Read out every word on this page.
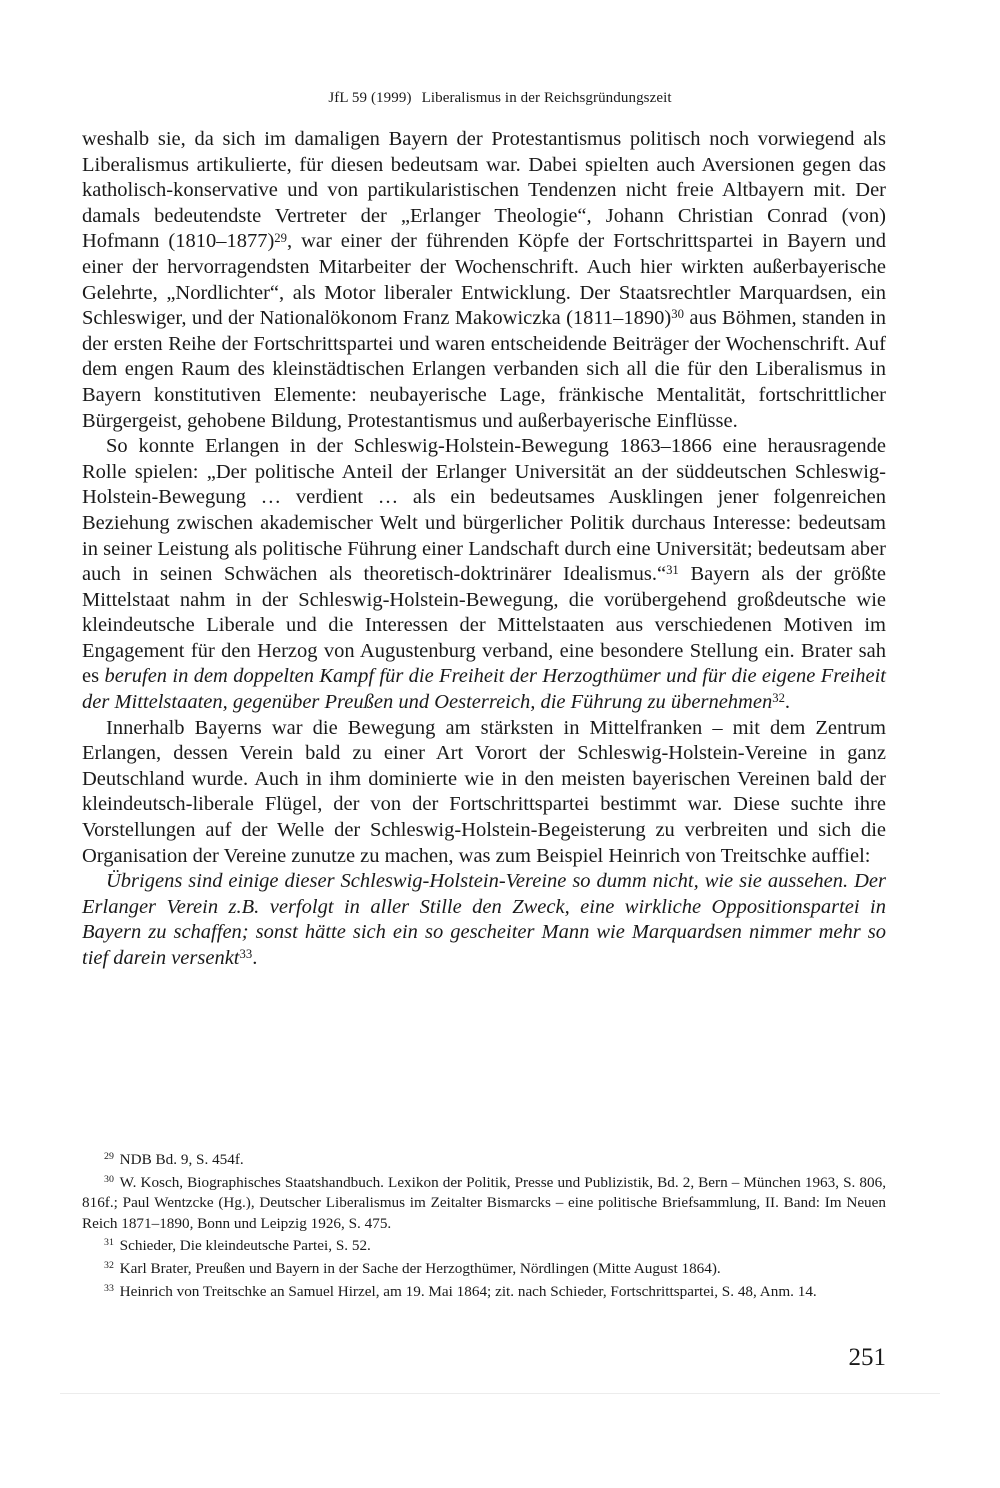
JfL 59 (1999) Liberalismus in der Reichsgründungszeit

weshalb sie, da sich im damaligen Bayern der Protestantismus politisch noch vorwiegend als Liberalismus artikulierte, für diesen bedeutsam war. Dabei spielten auch Aversionen gegen das katholisch-konservative und von partikularistischen Tendenzen nicht freie Altbayern mit. Der damals bedeutendste Vertreter der „Erlanger Theologie“, Johann Christian Conrad (von) Hofmann (1810–1877)$^{29}$, war einer der führenden Köpfe der Fortschrittspartei in Bayern und einer der hervorragendsten Mitarbeiter der Wochenschrift. Auch hier wirkten außerbayerische Gelehrte, „Nordlichter“, als Motor liberaler Entwicklung. Der Staatsrechtler Marquardsen, ein Schleswiger, und der Nationalökonom Franz Makowiczka (1811–1890)$^{30}$ aus Böhmen, standen in der ersten Reihe der Fortschrittspartei und waren entscheidende Beiträger der Wochenschrift. Auf dem engen Raum des kleinstädtischen Erlangen verbanden sich all die für den Liberalismus in Bayern konstitutiven Elemente: neubayerische Lage, fränkische Mentalität, fortschrittlicher Bürgergeist, gehobene Bildung, Protestantismus und außerbayerische Einflüsse.

So konnte Erlangen in der Schleswig-Holstein-Bewegung 1863–1866 eine herausragende Rolle spielen: „Der politische Anteil der Erlanger Universität an der süddeutschen Schleswig-Holstein-Bewegung … verdient … als ein bedeutsames Ausklingen jener folgenreichen Beziehung zwischen akademischer Welt und bürgerlicher Politik durchaus Interesse: bedeutsam in seiner Leistung als politische Führung einer Landschaft durch eine Universität; bedeutsam aber auch in seinen Schwächen als theoretisch-doktrinärer Idealismus.“$^{31}$ Bayern als der größte Mittelstaat nahm in der Schleswig-Holstein-Bewegung, die vorübergehend großdeutsche wie kleindeutsche Liberale und die Interessen der Mittelstaaten aus verschiedenen Motiven im Engagement für den Herzog von Augustenburg verband, eine besondere Stellung ein. Brater sah es berufen in dem doppelten Kampf für die Freiheit der Herzogthümer und für die eigene Freiheit der Mittelstaaten, gegenüber Preußen und Oesterreich, die Führung zu übernehmen$^{32}$.

Innerhalb Bayerns war die Bewegung am stärksten in Mittelfranken – mit dem Zentrum Erlangen, dessen Verein bald zu einer Art Vorort der Schleswig-Holstein-Vereine in ganz Deutschland wurde. Auch in ihm dominierte wie in den meisten bayerischen Vereinen bald der kleindeutsch-liberale Flügel, der von der Fortschrittspartei bestimmt war. Diese suchte ihre Vorstellungen auf der Welle der Schleswig-Holstein-Begeisterung zu verbreiten und sich die Organisation der Vereine zunutze zu machen, was zum Beispiel Heinrich von Treitschke auffiel:

Übrigens sind einige dieser Schleswig-Holstein-Vereine so dumm nicht, wie sie aussehen. Der Erlanger Verein z.B. verfolgt in aller Stille den Zweck, eine wirkliche Oppositionspartei in Bayern zu schaffen; sonst hätte sich ein so gescheiter Mann wie Marquardsen nimmer mehr so tief darein versenkt$^{33}$.

$^{29}$ NDB Bd. 9, S. 454f.

$^{30}$ W. Kosch, Biographisches Staatshandbuch. Lexikon der Politik, Presse und Publizistik, Bd. 2, Bern – München 1963, S. 806, 816f.; Paul Wentzcke (Hg.), Deutscher Liberalismus im Zeitalter Bismarcks – eine politische Briefsammlung, II. Band: Im Neuen Reich 1871–1890, Bonn und Leipzig 1926, S. 475.

$^{31}$ Schieder, Die kleindeutsche Partei, S. 52.

$^{32}$ Karl Brater, Preußen und Bayern in der Sache der Herzogthümer, Nördlingen (Mitte August 1864).

$^{33}$ Heinrich von Treitschke an Samuel Hirzel, am 19. Mai 1864; zit. nach Schieder, Fortschrittspartei, S. 48, Anm. 14.

251
